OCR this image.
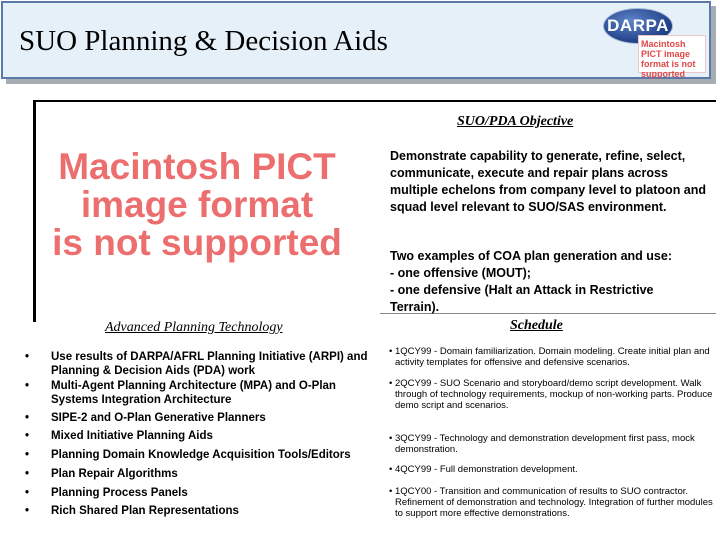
SUO Planning & Decision Aids	DARPA
Macintosh PICT image format is not supported
SUO/PDA Objective
Macintosh PICT
image format
is not supported
Demonstrate capability to generate, refine, select, communicate, execute and repair plans across multiple echelons from company level to platoon and squad level relevant to SUO/SAS environment.
Two examples of COA plan generation and use:
- one offensive (MOUT);
- one defensive (Halt an Attack in Restrictive
Terrain).
Advanced Planning Technology	Schedule
• Use results of DARPA/AFRL Planning Initiative (ARPI) and Planning & Decision Aids (PDA) work
• Multi-Agent Planning Architecture (MPA) and O-Plan Systems Integration Architecture
• SIPE-2 and O-Plan Generative Planners
• Mixed Initiative Planning Aids
• Planning Domain Knowledge Acquisition Tools/Editors
• Plan Repair Algorithms
• Planning Process Panels
• Rich Shared Plan Representations
• 1QCY99 - Domain familiarization. Domain modeling. Create initial plan and activity templates for offensive and defensive scenarios.
• 2QCY99 - SUO Scenario and storyboard/demo script development. Walk through of technology requirements, mockup of non-working parts. Produce demo script and scenarios.
• 3QCY99 - Technology and demonstration development first pass, mock demonstration.
• 4QCY99 - Full demonstration development.
• 1QCY00 - Transition and communication of results to SUO contractor. Refinement of demonstration and technology. Integration of further modules to support more effective demonstrations.
